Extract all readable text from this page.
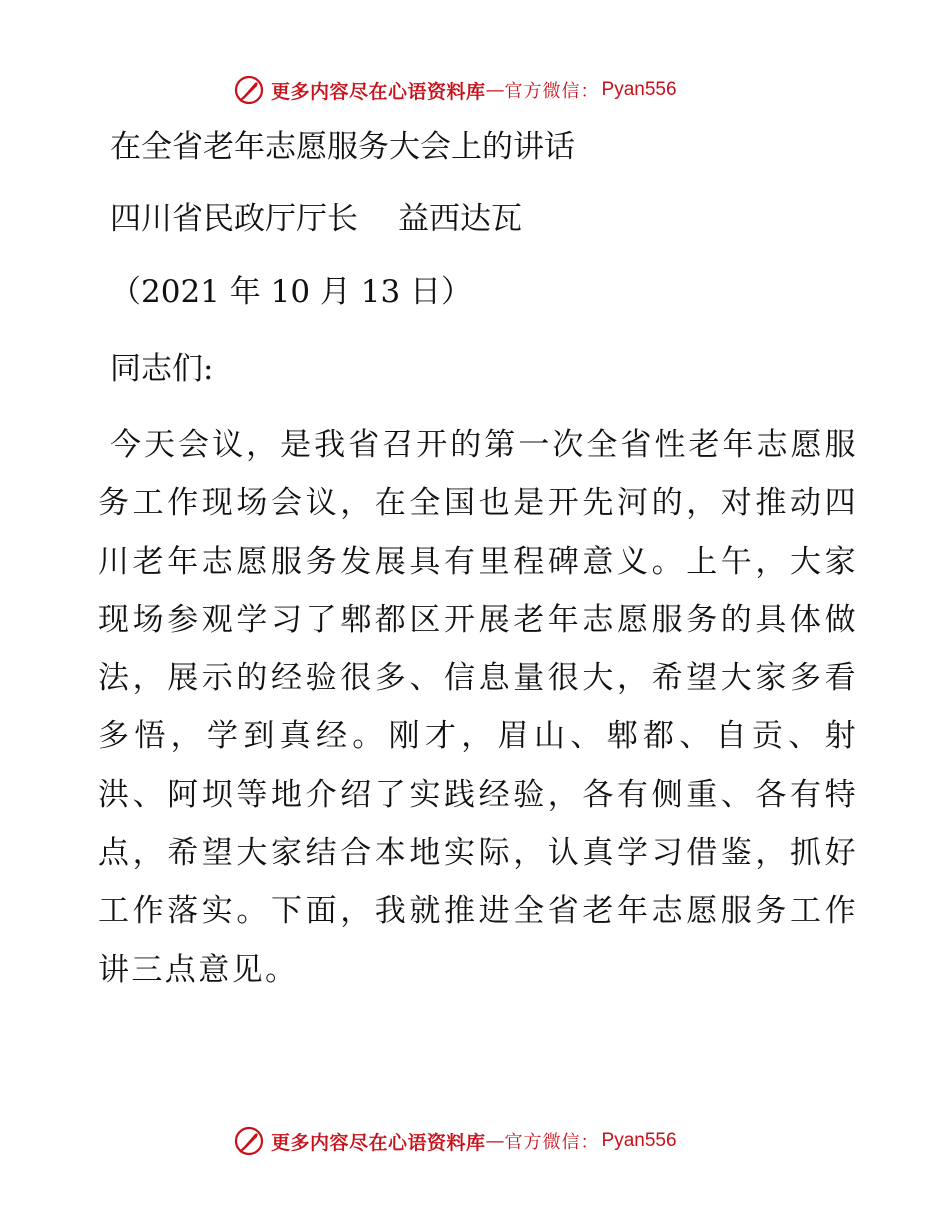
更多内容尽在心语资料库 — 官方微信： Pyan556
在全省老年志愿服务大会上的讲话
四川省民政厅厅长 益西达瓦
（2021 年 10 月 13 日）
同志们:

今天会议，是我省召开的第一次全省性老年志愿服务工作现场会议，在全国也是开先河的，对推动四川老年志愿服务发展具有里程碑意义。上午，大家现场参观学习了郫都区开展老年志愿服务的具体做法，展示的经验很多、信息量很大，希望大家多看多悟，学到真经。刚才，眉山、郫都、自贡、射洪、阿坝等地介绍了实践经验，各有侧重、各有特点，希望大家结合本地实际，认真学习借鉴，抓好工作落实。下面，我就推进全省老年志愿服务工作讲三点意见。

更多内容尽在心语资料库 — 官方微信： Pyan556
